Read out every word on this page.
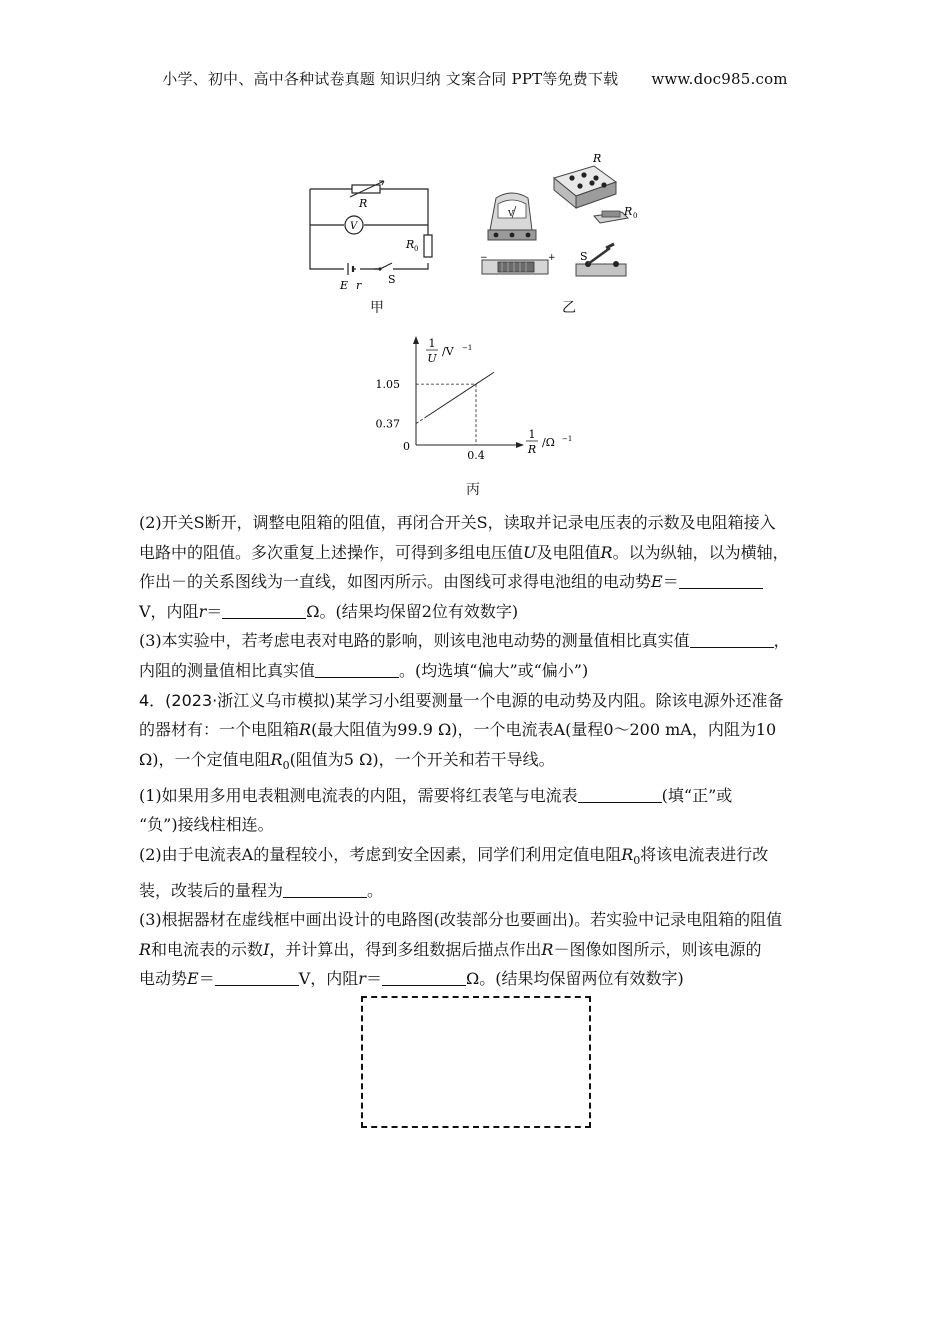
小学、初中、高中各种试卷真题 知识归纳 文案合同 PPT等免费下载 www.doc985.com
R
V
R 0
E r S
甲
R
V	R 0
−	+ S
乙
1.05
0.37
0
0.4
1
U
/V −1
1
R
/Ω −1
丙

(2)开关S断开，调整电阻箱的阻值，再闭合开关S，读取并记录电压表的示数及电阻箱接入

电路中的阻值。多次重复上述操作，可得到多组电压值U及电阻值R。以为纵轴，以为横轴，

作出－的关系图线为一直线，如图丙所示。由图线可求得电池组的电动势E＝

V，内阻r＝	Ω。(结果均保留2位有效数字)

(3)本实验中，若考虑电表对电路的影响，则该电池电动势的测量值相比真实值	，

内阻的测量值相比真实值	。(均选填“偏大”或“偏小”)

4．(2023·浙江义乌市模拟)某学习小组要测量一个电源的电动势及内阻。除该电源外还准备

的器材有：一个电阻箱R(最大阻值为99.9 Ω)，一个电流表A(量程0～200 mA，内阻为10

Ω)，一个定值电阻$R_0$(阻值为5 Ω)，一个开关和若干导线。

(1)如果用多用电表粗测电流表的内阻，需要将红表笔与电流表	(填“正”或

“负”)接线柱相连。

(2)由于电流表A的量程较小，考虑到安全因素，同学们利用定值电阻$R_0$将该电流表进行改

装，改装后的量程为	。

(3)根据器材在虚线框中画出设计的电路图(改装部分也要画出)。若实验中记录电阻箱的阻值

R和电流表的示数I，并计算出，得到多组数据后描点作出R－图像如图所示，则该电源的

电动势E＝	V，内阻r＝	Ω。(结果均保留两位有效数字)
